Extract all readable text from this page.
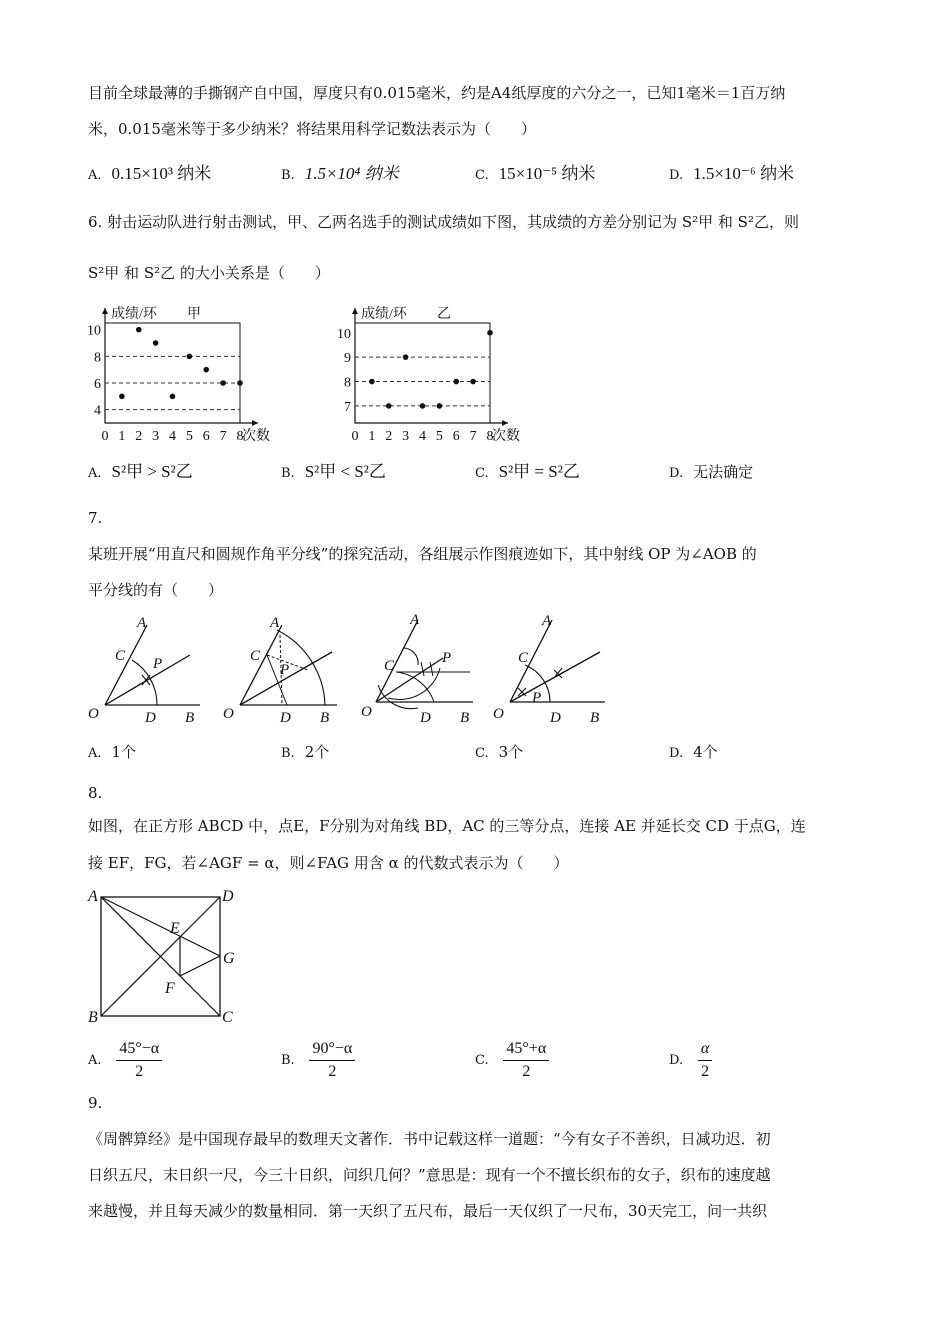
目前全球最薄的手撕钢产自中国，厚度只有0.015毫米，约是A4纸厚度的六分之一，已知1毫米＝1百万纳
米，0.015毫米等于多少纳米？将结果用科学记数法表示为（　　）
A. 0.15×10³ 纳米	B. 1.5×10⁴ 纳米	C. 15×10⁻⁵ 纳米	D. 1.5×10⁻⁶ 纳米
6. 射击运动队进行射击测试，甲、乙两名选手的测试成绩如下图，其成绩的方差分别记为 S²甲 和 S²乙，则
S²甲 和 S²乙 的大小关系是（　　）
4
6
8
10
0 1 2 3 4 5 6 7 8
成绩/环 甲
次数
7
8
9
10
0 1 2 3 4 5 6 7 8
成绩/环 乙
次数
A. S²甲 > S²乙	B. S²甲 < S²乙	C. S²甲 = S²乙	D. 无法确定
7.
某班开展“用直尺和圆规作角平分线”的探究活动，各组展示作图痕迹如下，其中射线 OP 为∠AOB 的
平分线的有（　　）
A
C P
O	D B
A
C
P
O	D B
A
C	P
O	D B
A
C
P
O	D B
A. 1个	B. 2个	C. 3个	D. 4个
8.
如图，在正方形 ABCD 中，点E，F分别为对角线 BD，AC 的三等分点，连接 AE 并延长交 CD 于点G，连
接 EF，FG，若∠AGF = α，则∠FAG 用含 α 的代数式表示为（　　）
A	D
E
G
F
B	C
A. $\frac{45^\circ-\alpha}{2}$	B. $\frac{90^\circ-\alpha}{2}$	C. $\frac{45^\circ+\alpha}{2}$	D. $\frac{\alpha}{2}$
9.
《周髀算经》是中国现存最早的数理天文著作．书中记载这样一道题：“今有女子不善织，日减功迟．初
日织五尺，末日织一尺，今三十日织，问织几何？”意思是：现有一个不擅长织布的女子，织布的速度越
来越慢，并且每天减少的数量相同．第一天织了五尺布，最后一天仅织了一尺布，30天完工，问一共织
